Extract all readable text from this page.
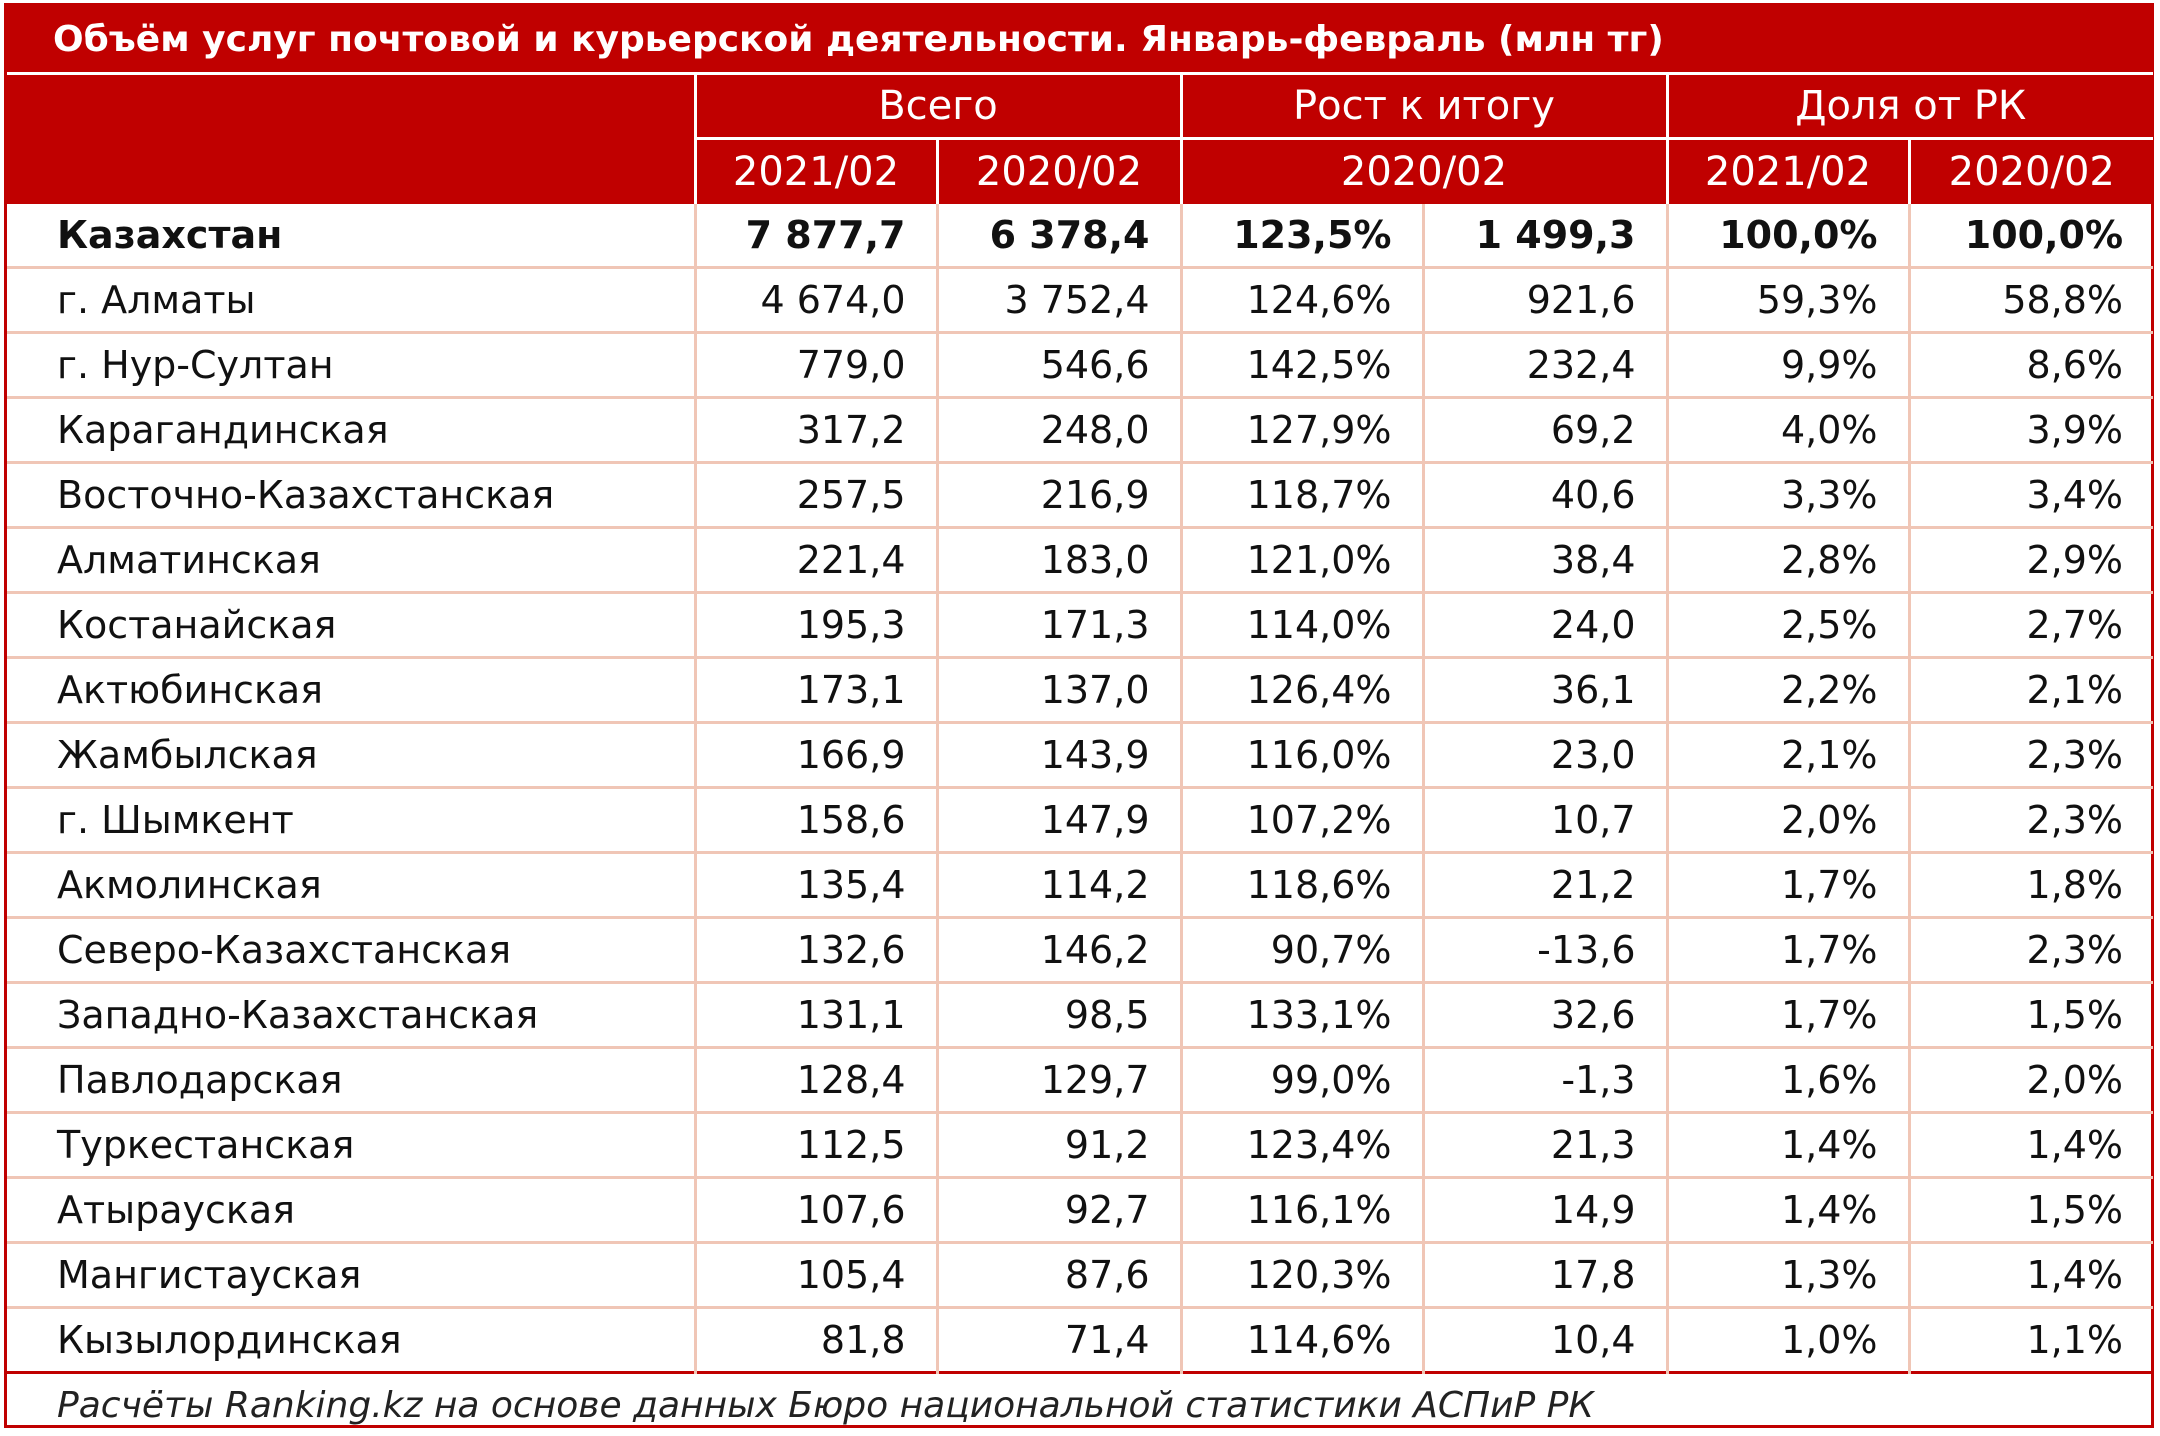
Объём услуг почтовой и курьерской деятельности. Январь-февраль (млн тг)						
	Всего		Рост к итогу		Доля от РК	
	2021/02	2020/02	2020/02		2021/02	2020/02
Казахстан	7 877,7	6 378,4	123,5%	1 499,3	100,0%	100,0%
г. Алматы	4 674,0	3 752,4	124,6%	921,6	59,3%	58,8%
г. Нур-Султан	779,0	546,6	142,5%	232,4	9,9%	8,6%
Карагандинская	317,2	248,0	127,9%	69,2	4,0%	3,9%
Восточно-Казахстанская	257,5	216,9	118,7%	40,6	3,3%	3,4%
Алматинская	221,4	183,0	121,0%	38,4	2,8%	2,9%
Костанайская	195,3	171,3	114,0%	24,0	2,5%	2,7%
Актюбинская	173,1	137,0	126,4%	36,1	2,2%	2,1%
Жамбылская	166,9	143,9	116,0%	23,0	2,1%	2,3%
г. Шымкент	158,6	147,9	107,2%	10,7	2,0%	2,3%
Акмолинская	135,4	114,2	118,6%	21,2	1,7%	1,8%
Северо-Казахстанская	132,6	146,2	90,7%	-13,6	1,7%	2,3%
Западно-Казахстанская	131,1	98,5	133,1%	32,6	1,7%	1,5%
Павлодарская	128,4	129,7	99,0%	-1,3	1,6%	2,0%
Туркестанская	112,5	91,2	123,4%	21,3	1,4%	1,4%
Атырауская	107,6	92,7	116,1%	14,9	1,4%	1,5%
Мангистауская	105,4	87,6	120,3%	17,8	1,3%	1,4%
Кызылординская	81,8	71,4	114,6%	10,4	1,0%	1,1%
Расчёты Ranking.kz на основе данных Бюро национальной статистики АСПиР РК						
